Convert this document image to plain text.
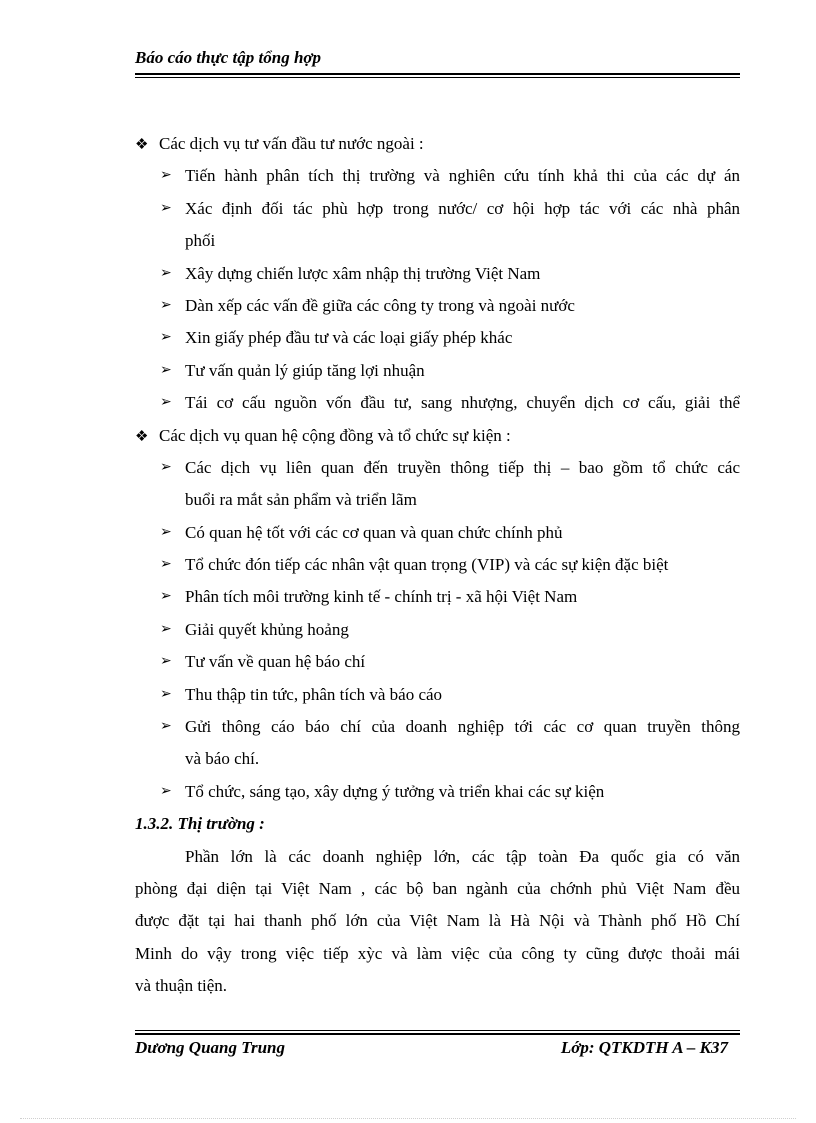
Báo cáo thực tập tổng hợp
❖ Các dịch vụ tư vấn đầu tư nước ngoài :
➢ Tiến hành phân tích thị trường và nghiên cứu tính khả thi của các dự án
➢ Xác định đối tác phù hợp trong nước/ cơ hội hợp tác với các nhà phân
phối
➢ Xây dựng chiến lược xâm nhập thị trường Việt Nam
➢ Dàn xếp các vấn đề giữa các công ty trong và ngoài nước
➢ Xin giấy phép đầu tư và các loại giấy phép khác
➢ Tư vấn quản lý giúp tăng lợi nhuận
➢ Tái cơ cấu nguồn vốn đầu tư, sang nhượng, chuyển dịch cơ cấu, giải thể
❖ Các dịch vụ quan hệ cộng đồng và tổ chức sự kiện :
➢ Các dịch vụ liên quan đến truyền thông tiếp thị – bao gồm tổ chức các
buổi ra mắt sản phẩm và triển lãm
➢ Có quan hệ tốt với các cơ quan và quan chức chính phủ
➢ Tổ chức đón tiếp các nhân vật quan trọng (VIP) và các sự kiện đặc biệt
➢ Phân tích môi trường kinh tế - chính trị - xã hội Việt Nam
➢ Giải quyết khủng hoảng
➢ Tư vấn về quan hệ báo chí
➢ Thu thập tin tức, phân tích và báo cáo
➢ Gửi thông cáo báo chí của doanh nghiệp tới các cơ quan truyền thông
và báo chí.
➢ Tổ chức, sáng tạo, xây dựng ý tưởng và triển khai các sự kiện
1.3.2. Thị trường :
Phần lớn là các doanh nghiệp lớn, các tập toàn Đa quốc gia có văn
phòng đại diện tại Việt Nam , các bộ ban ngành của chớnh phủ Việt Nam đều
được đặt tại hai thanh phố lớn của Việt Nam là Hà Nội và Thành phố Hồ Chí
Minh do vậy trong việc tiếp xỳc và làm việc của công ty cũng được thoải mái
và thuận tiện.
Dương Quang Trung	Lớp: QTKDTH A – K37
